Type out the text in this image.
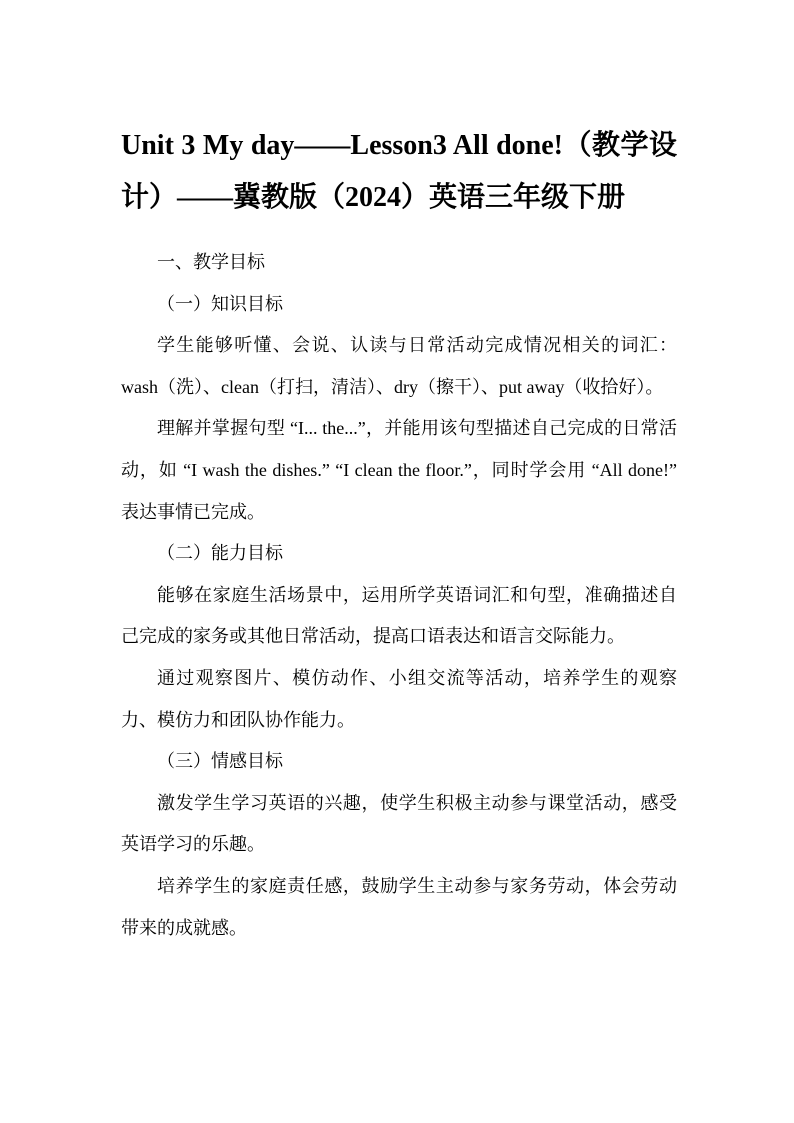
Unit 3 My day——Lesson3 All done!（教学设计）——冀教版（2024）英语三年级下册

一、教学目标

（一）知识目标

学生能够听懂、会说、认读与日常活动完成情况相关的词汇：wash（洗）、clean（打扫，清洁）、dry（擦干）、put away（收拾好）。

理解并掌握句型 “I... the...”，并能用该句型描述自己完成的日常活动，如 “I wash the dishes.” “I clean the floor.”，同时学会用 “All done!” 表达事情已完成。

（二）能力目标

能够在家庭生活场景中，运用所学英语词汇和句型，准确描述自己完成的家务或其他日常活动，提高口语表达和语言交际能力。

通过观察图片、模仿动作、小组交流等活动，培养学生的观察力、模仿力和团队协作能力。

（三）情感目标

激发学生学习英语的兴趣，使学生积极主动参与课堂活动，感受英语学习的乐趣。

培养学生的家庭责任感，鼓励学生主动参与家务劳动，体会劳动带来的成就感。
